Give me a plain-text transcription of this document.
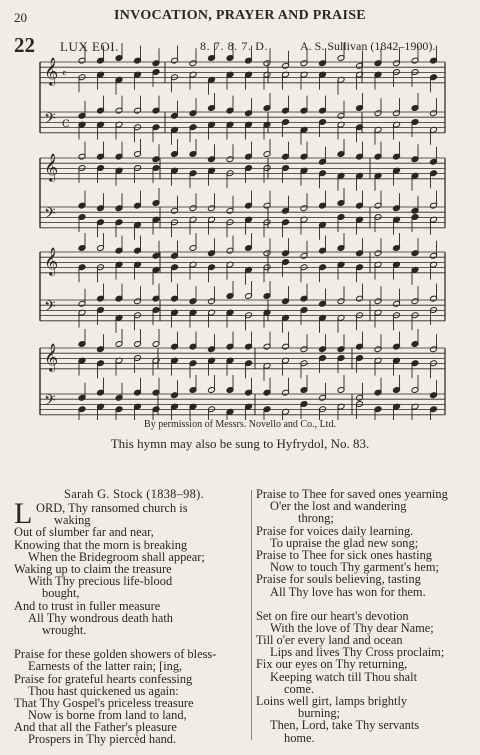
20	INVOCATION, PRAYER AND PRAISE
22 LUX EOI.	8. 7. 8. 7. D.	A. S. Sullivan (1842–1900).
𝄞 𝄴
𝄢 C
𝄞
𝄢
𝄞
𝄢
𝄞
𝄢
By permission of Messrs. Novello and Co., Ltd.
This hymn may also be sung to Hyfrydol, No. 83.
Sarah G. Stock (1838–98).
L ORD, Thy ransomed church is
waking
Out of slumber far and near,
Knowing that the morn is breaking
When the Bridegroom shall appear;
Waking up to claim the treasure
With Thy precious life-blood
bought,
And to trust in fuller measure
All Thy wondrous death hath
wrought.
Praise for these golden showers of bless-
Earnests of the latter rain; [ing,
Praise for grateful hearts confessing
Thou hast quickened us again:
That Thy Gospel's priceless treasure
Now is borne from land to land,
And that all the Father's pleasure
Prospers in Thy piercèd hand.
Praise to Thee for saved ones yearning
O'er the lost and wandering
throng;
Praise for voices daily learning.
To upraise the glad new song;
Praise to Thee for sick ones hasting
Now to touch Thy garment's hem;
Praise for souls believing, tasting
All Thy love has won for them.
Set on fire our heart's devotion
With the love of Thy dear Name;
Till o'er every land and ocean
Lips and lives Thy Cross proclaim;
Fix our eyes on Thy returning,
Keeping watch till Thou shalt
come.
Loins well girt, lamps brightly
burning;
Then, Lord, take Thy servants
home.
